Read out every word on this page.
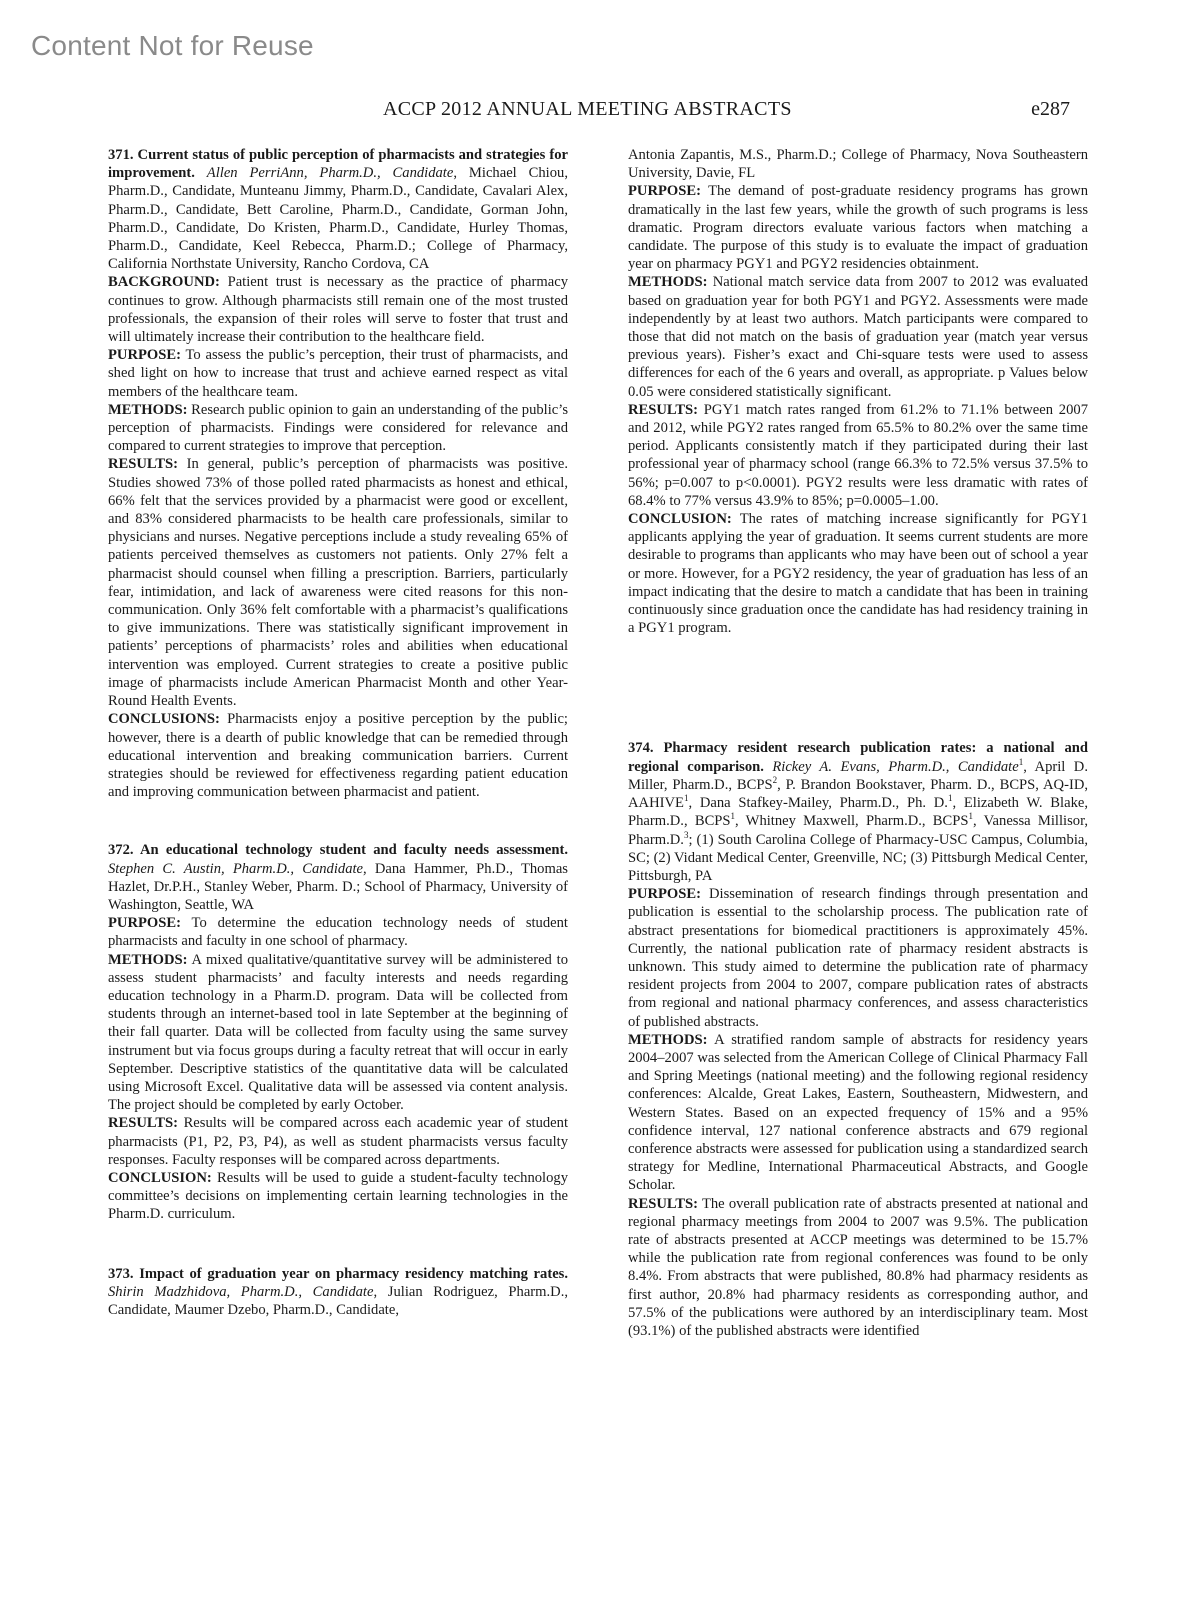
Content Not for Reuse
ACCP 2012 ANNUAL MEETING ABSTRACTS	e287

371. Current status of public perception of pharmacists and strategies for improvement. Allen PerriAnn, Pharm.D., Candidate, Michael Chiou, Pharm.D., Candidate, Munteanu Jimmy, Pharm.D., Candidate, Cavalari Alex, Pharm.D., Candidate, Bett Caroline, Pharm.D., Candidate, Gorman John, Pharm.D., Candidate, Do Kristen, Pharm.D., Candidate, Hurley Thomas, Pharm.D., Candidate, Keel Rebecca, Pharm.D.; College of Pharmacy, California Northstate University, Rancho Cordova, CA

BACKGROUND: Patient trust is necessary as the practice of pharmacy continues to grow. Although pharmacists still remain one of the most trusted professionals, the expansion of their roles will serve to foster that trust and will ultimately increase their contribution to the healthcare field.

PURPOSE: To assess the public’s perception, their trust of pharmacists, and shed light on how to increase that trust and achieve earned respect as vital members of the healthcare team.

METHODS: Research public opinion to gain an understanding of the public’s perception of pharmacists. Findings were considered for relevance and compared to current strategies to improve that perception.

RESULTS: In general, public’s perception of pharmacists was positive. Studies showed 73% of those polled rated pharmacists as honest and ethical, 66% felt that the services provided by a pharmacist were good or excellent, and 83% considered pharmacists to be health care professionals, similar to physicians and nurses. Negative perceptions include a study revealing 65% of patients perceived themselves as customers not patients. Only 27% felt a pharmacist should counsel when filling a prescription. Barriers, particularly fear, intimidation, and lack of awareness were cited reasons for this non-communication. Only 36% felt comfortable with a pharmacist’s qualifications to give immunizations. There was statistically significant improvement in patients’ perceptions of pharmacists’ roles and abilities when educational intervention was employed. Current strategies to create a positive public image of pharmacists include American Pharmacist Month and other Year-Round Health Events.

CONCLUSIONS: Pharmacists enjoy a positive perception by the public; however, there is a dearth of public knowledge that can be remedied through educational intervention and breaking communication barriers. Current strategies should be reviewed for effectiveness regarding patient education and improving communication between pharmacist and patient.

372. An educational technology student and faculty needs assessment. Stephen C. Austin, Pharm.D., Candidate, Dana Hammer, Ph.D., Thomas Hazlet, Dr.P.H., Stanley Weber, Pharm. D.; School of Pharmacy, University of Washington, Seattle, WA

PURPOSE: To determine the education technology needs of student pharmacists and faculty in one school of pharmacy.

METHODS: A mixed qualitative/quantitative survey will be administered to assess student pharmacists’ and faculty interests and needs regarding education technology in a Pharm.D. program. Data will be collected from students through an internet-based tool in late September at the beginning of their fall quarter. Data will be collected from faculty using the same survey instrument but via focus groups during a faculty retreat that will occur in early September. Descriptive statistics of the quantitative data will be calculated using Microsoft Excel. Qualitative data will be assessed via content analysis. The project should be completed by early October.

RESULTS: Results will be compared across each academic year of student pharmacists (P1, P2, P3, P4), as well as student pharmacists versus faculty responses. Faculty responses will be compared across departments.

CONCLUSION: Results will be used to guide a student-faculty technology committee’s decisions on implementing certain learning technologies in the Pharm.D. curriculum.

373. Impact of graduation year on pharmacy residency matching rates. Shirin Madzhidova, Pharm.D., Candidate, Julian Rodriguez, Pharm.D., Candidate, Maumer Dzebo, Pharm.D., Candidate,

Antonia Zapantis, M.S., Pharm.D.; College of Pharmacy, Nova Southeastern University, Davie, FL

PURPOSE: The demand of post-graduate residency programs has grown dramatically in the last few years, while the growth of such programs is less dramatic. Program directors evaluate various factors when matching a candidate. The purpose of this study is to evaluate the impact of graduation year on pharmacy PGY1 and PGY2 residencies obtainment.

METHODS: National match service data from 2007 to 2012 was evaluated based on graduation year for both PGY1 and PGY2. Assessments were made independently by at least two authors. Match participants were compared to those that did not match on the basis of graduation year (match year versus previous years). Fisher’s exact and Chi-square tests were used to assess differences for each of the 6 years and overall, as appropriate. p Values below 0.05 were considered statistically significant.

RESULTS: PGY1 match rates ranged from 61.2% to 71.1% between 2007 and 2012, while PGY2 rates ranged from 65.5% to 80.2% over the same time period. Applicants consistently match if they participated during their last professional year of pharmacy school (range 66.3% to 72.5% versus 37.5% to 56%; p=0.007 to p<0.0001). PGY2 results were less dramatic with rates of 68.4% to 77% versus 43.9% to 85%; p=0.0005–1.00.

CONCLUSION: The rates of matching increase significantly for PGY1 applicants applying the year of graduation. It seems current students are more desirable to programs than applicants who may have been out of school a year or more. However, for a PGY2 residency, the year of graduation has less of an impact indicating that the desire to match a candidate that has been in training continuously since graduation once the candidate has had residency training in a PGY1 program.

374. Pharmacy resident research publication rates: a national and regional comparison. Rickey A. Evans, Pharm.D., Candidate$^1$, April D. Miller, Pharm.D., BCPS$^2$, P. Brandon Bookstaver, Pharm. D., BCPS, AQ-ID, AAHIVE$^1$, Dana Stafkey-Mailey, Pharm.D., Ph. D.$^1$, Elizabeth W. Blake, Pharm.D., BCPS$^1$, Whitney Maxwell, Pharm.D., BCPS$^1$, Vanessa Millisor, Pharm.D.$^3$; (1) South Carolina College of Pharmacy-USC Campus, Columbia, SC; (2) Vidant Medical Center, Greenville, NC; (3) Pittsburgh Medical Center, Pittsburgh, PA

PURPOSE: Dissemination of research findings through presentation and publication is essential to the scholarship process. The publication rate of abstract presentations for biomedical practitioners is approximately 45%. Currently, the national publication rate of pharmacy resident abstracts is unknown. This study aimed to determine the publication rate of pharmacy resident projects from 2004 to 2007, compare publication rates of abstracts from regional and national pharmacy conferences, and assess characteristics of published abstracts.

METHODS: A stratified random sample of abstracts for residency years 2004–2007 was selected from the American College of Clinical Pharmacy Fall and Spring Meetings (national meeting) and the following regional residency conferences: Alcalde, Great Lakes, Eastern, Southeastern, Midwestern, and Western States. Based on an expected frequency of 15% and a 95% confidence interval, 127 national conference abstracts and 679 regional conference abstracts were assessed for publication using a standardized search strategy for Medline, International Pharmaceutical Abstracts, and Google Scholar.

RESULTS: The overall publication rate of abstracts presented at national and regional pharmacy meetings from 2004 to 2007 was 9.5%. The publication rate of abstracts presented at ACCP meetings was determined to be 15.7% while the publication rate from regional conferences was found to be only 8.4%. From abstracts that were published, 80.8% had pharmacy residents as first author, 20.8% had pharmacy residents as corresponding author, and 57.5% of the publications were authored by an interdisciplinary team. Most (93.1%) of the published abstracts were identified
